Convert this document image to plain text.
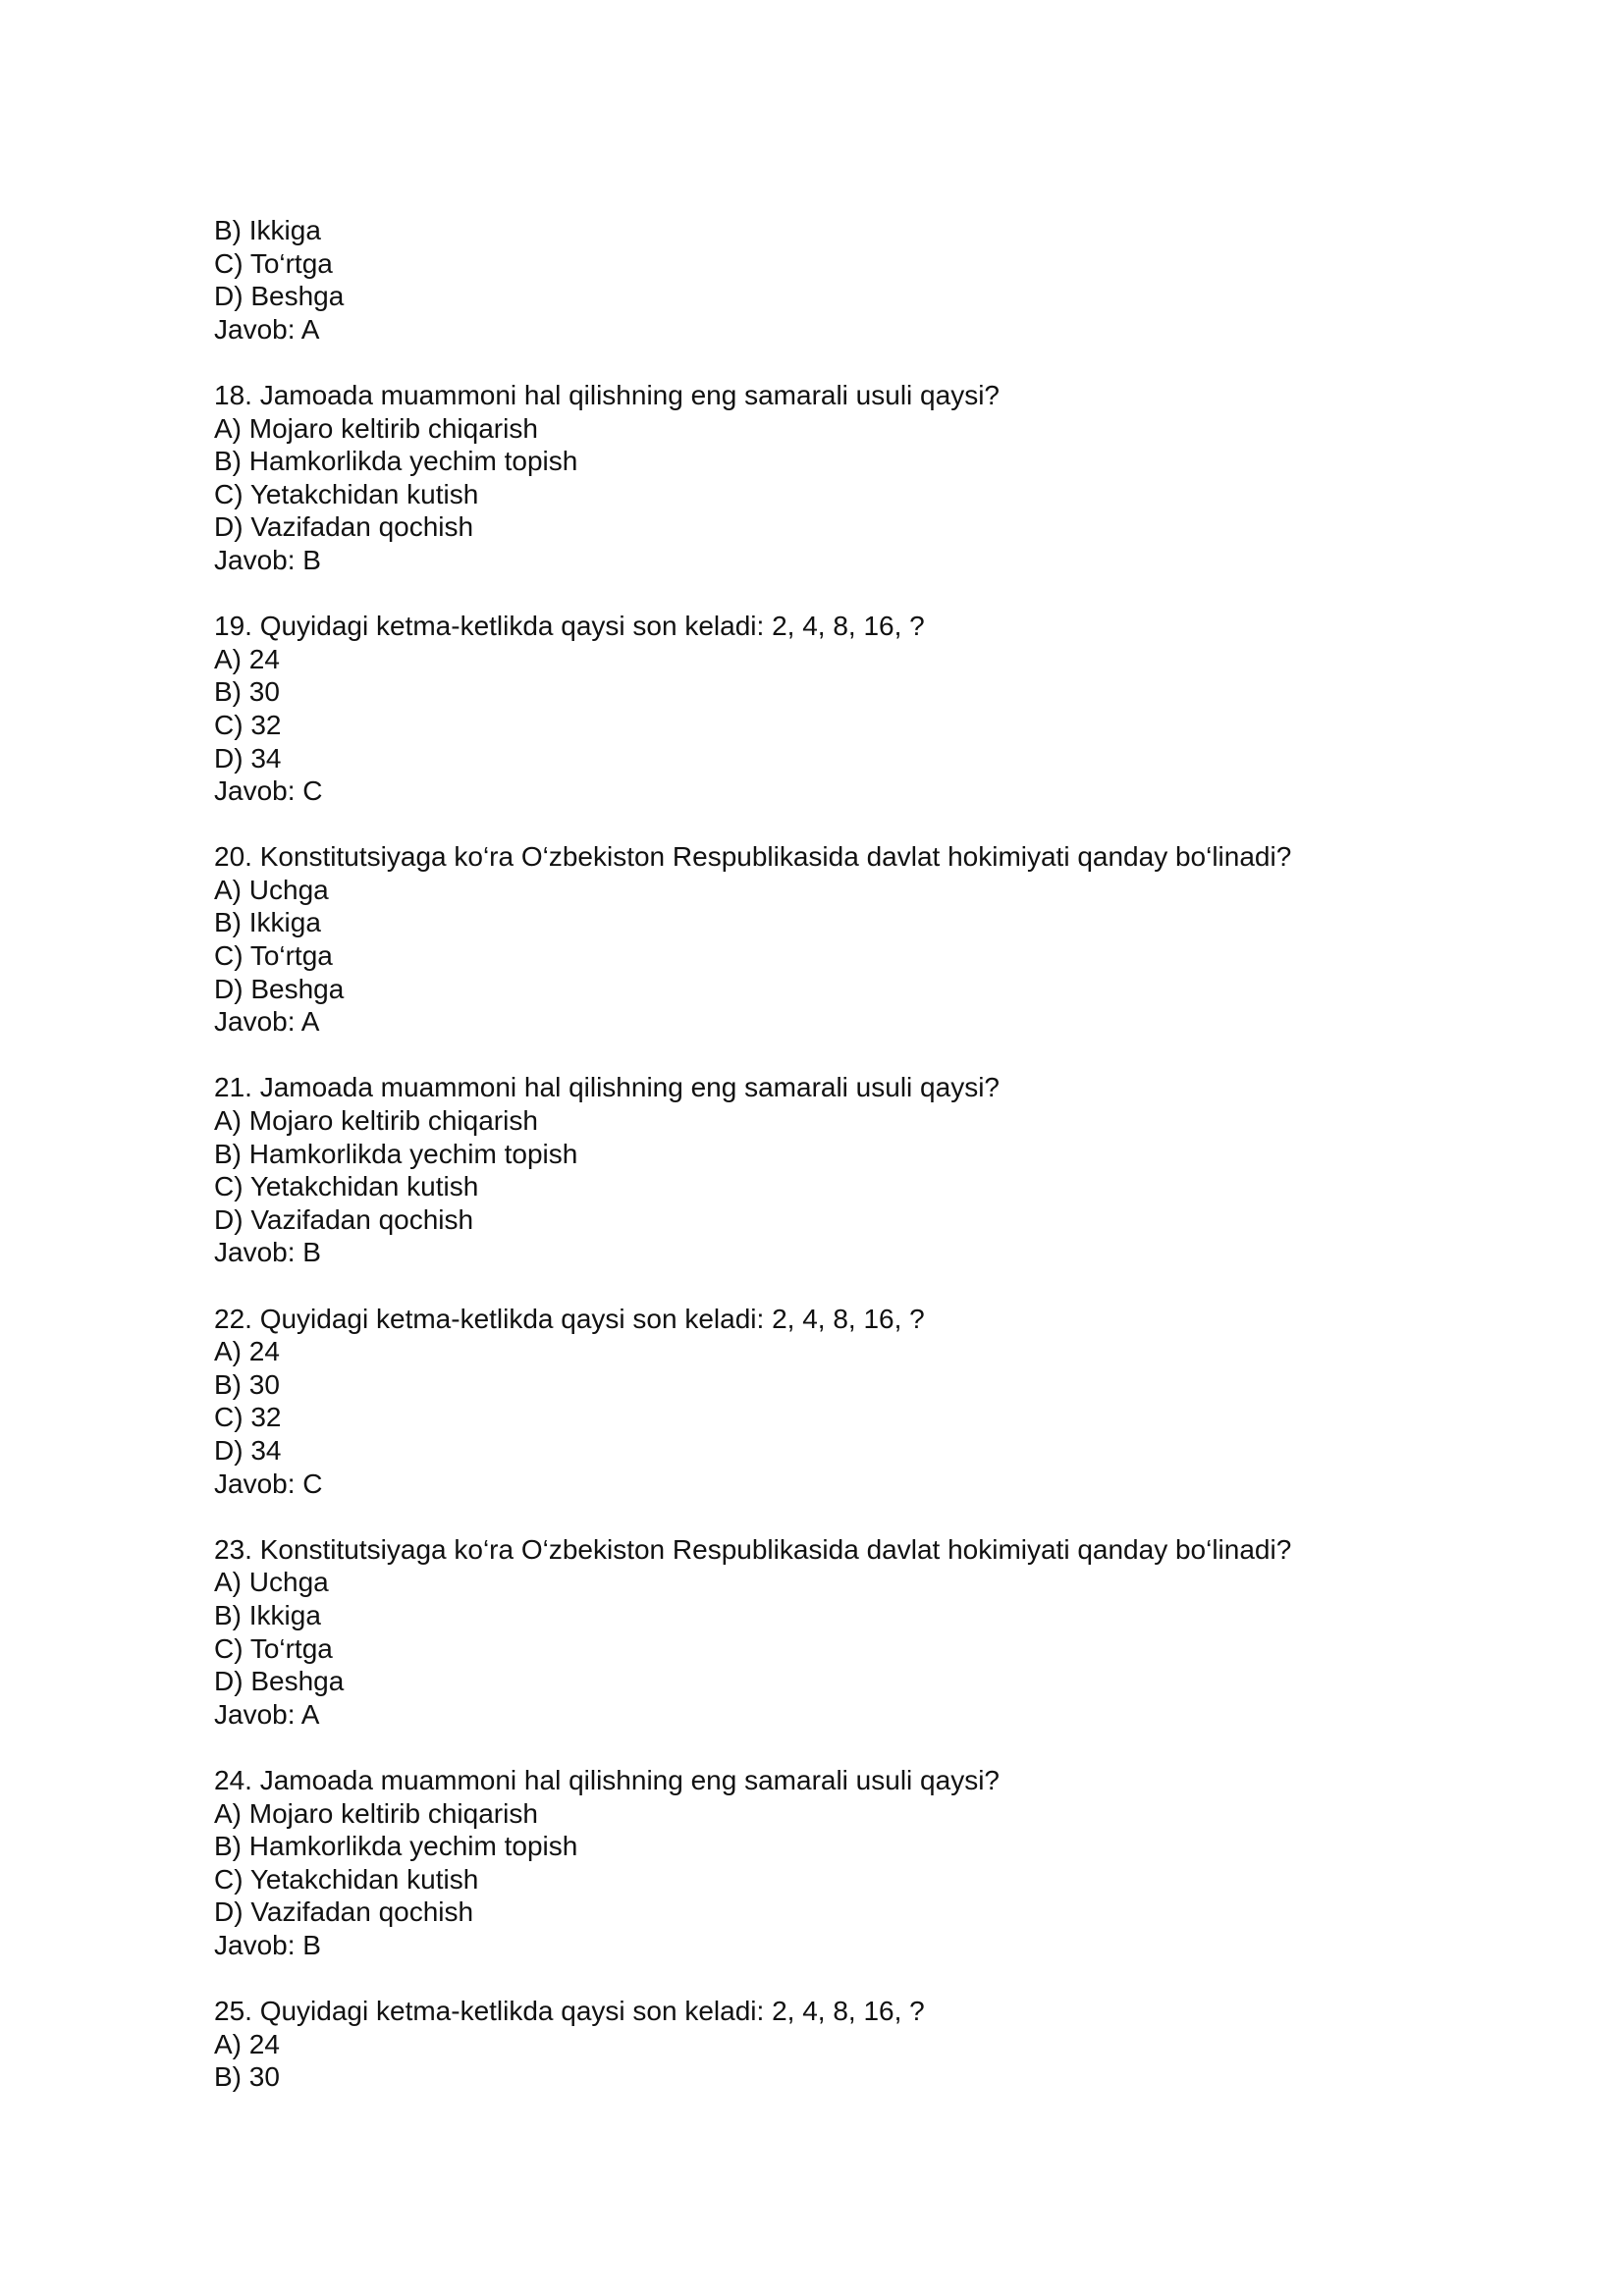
B) Ikkiga
C) To‘rtga
D) Beshga
Javob: A
18. Jamoada muammoni hal qilishning eng samarali usuli qaysi?
A) Mojaro keltirib chiqarish
B) Hamkorlikda yechim topish
C) Yetakchidan kutish
D) Vazifadan qochish
Javob: B
19. Quyidagi ketma-ketlikda qaysi son keladi: 2, 4, 8, 16, ?
A) 24
B) 30
C) 32
D) 34
Javob: C
20. Konstitutsiyaga ko‘ra O‘zbekiston Respublikasida davlat hokimiyati qanday bo‘linadi?
A) Uchga
B) Ikkiga
C) To‘rtga
D) Beshga
Javob: A
21. Jamoada muammoni hal qilishning eng samarali usuli qaysi?
A) Mojaro keltirib chiqarish
B) Hamkorlikda yechim topish
C) Yetakchidan kutish
D) Vazifadan qochish
Javob: B
22. Quyidagi ketma-ketlikda qaysi son keladi: 2, 4, 8, 16, ?
A) 24
B) 30
C) 32
D) 34
Javob: C
23. Konstitutsiyaga ko‘ra O‘zbekiston Respublikasida davlat hokimiyati qanday bo‘linadi?
A) Uchga
B) Ikkiga
C) To‘rtga
D) Beshga
Javob: A
24. Jamoada muammoni hal qilishning eng samarali usuli qaysi?
A) Mojaro keltirib chiqarish
B) Hamkorlikda yechim topish
C) Yetakchidan kutish
D) Vazifadan qochish
Javob: B
25. Quyidagi ketma-ketlikda qaysi son keladi: 2, 4, 8, 16, ?
A) 24
B) 30
